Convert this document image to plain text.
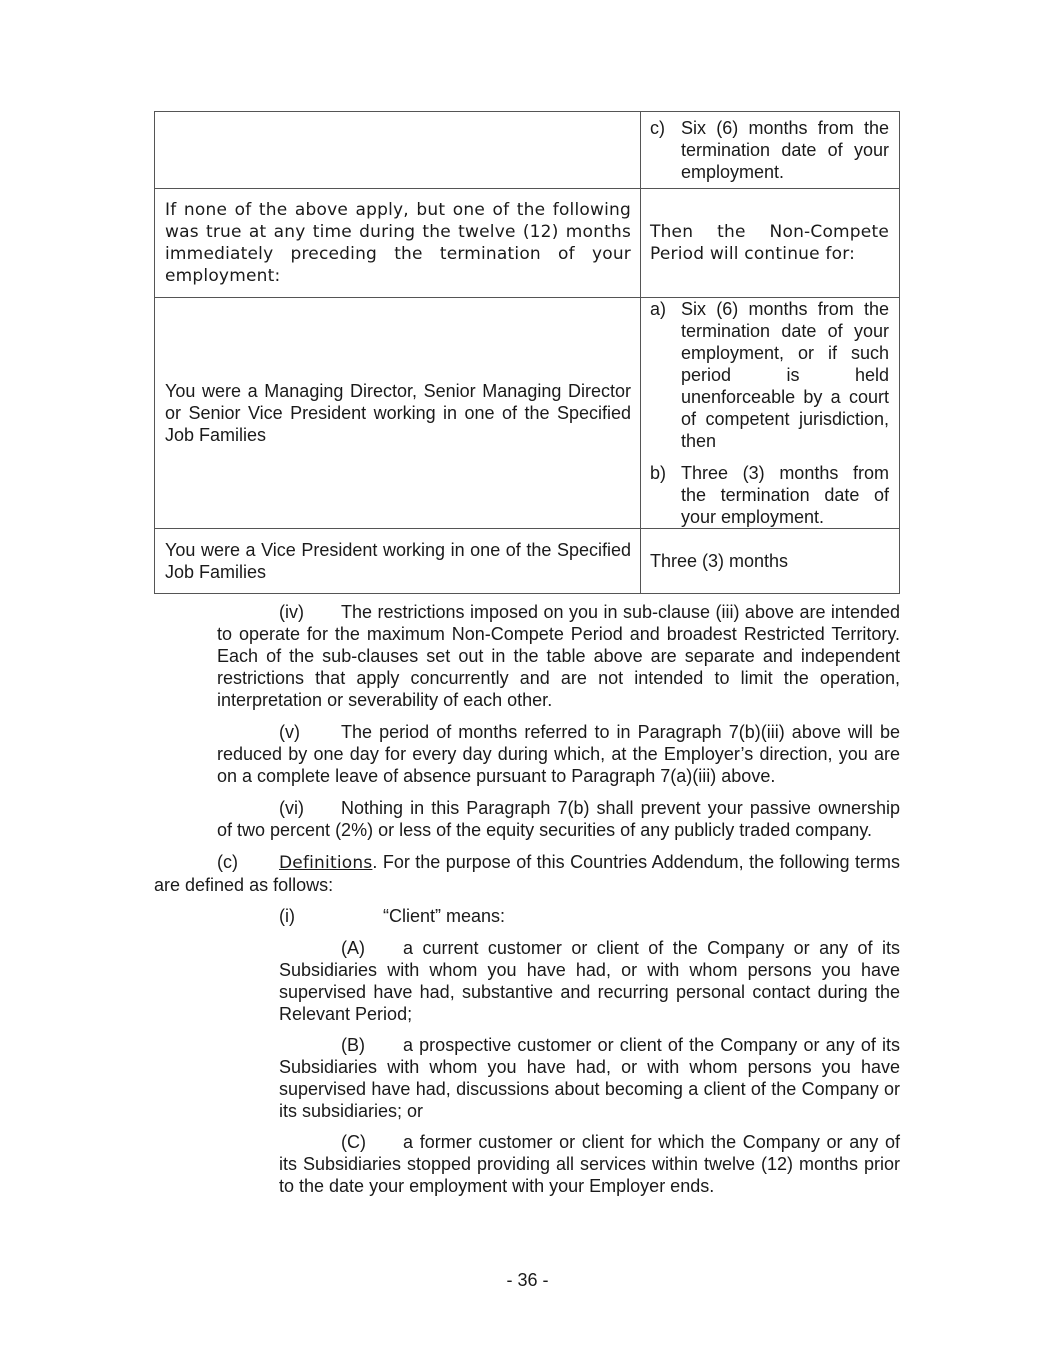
	c) Six (6) months from the termination date of your employment.

If none of the above apply, but one of the following was true at any time during the twelve (12) months immediately preceding the termination of your employment:	Then the Non-Compete Period will continue for:
You were a Managing Director, Senior Managing Director or Senior Vice President working in one of the Specified Job Families	a) Six (6) months from the termination date of your employment, or if such period is held unenforceable by a court of competent jurisdiction, then
b) Three (3) months from the termination date of your employment.

You were a Vice President working in one of the Specified Job Families	Three (3) months
(iv) The restrictions imposed on you in sub-clause (iii) above are intended to operate for the maximum Non-Compete Period and broadest Restricted Territory. Each of the sub-clauses set out in the table above are separate and independent restrictions that apply concurrently and are not intended to limit the operation, interpretation or severability of each other.
(v) The period of months referred to in Paragraph 7(b)(iii) above will be reduced by one day for every day during which, at the Employer’s direction, you are on a complete leave of absence pursuant to Paragraph 7(a)(iii) above.
(vi) Nothing in this Paragraph 7(b) shall prevent your passive ownership of two percent (2%) or less of the equity securities of any publicly traded company.
(c) Definitions. For the purpose of this Countries Addendum, the following terms are defined as follows:
(i)	“Client” means:
(A) a current customer or client of the Company or any of its Subsidiaries with whom you have had, or with whom persons you have supervised have had, substantive and recurring personal contact during the Relevant Period;
(B) a prospective customer or client of the Company or any of its Subsidiaries with whom you have had, or with whom persons you have supervised have had, discussions about becoming a client of the Company or its subsidiaries; or
(C) a former customer or client for which the Company or any of its Subsidiaries stopped providing all services within twelve (12) months prior to the date your employment with your Employer ends.
- 36 -
